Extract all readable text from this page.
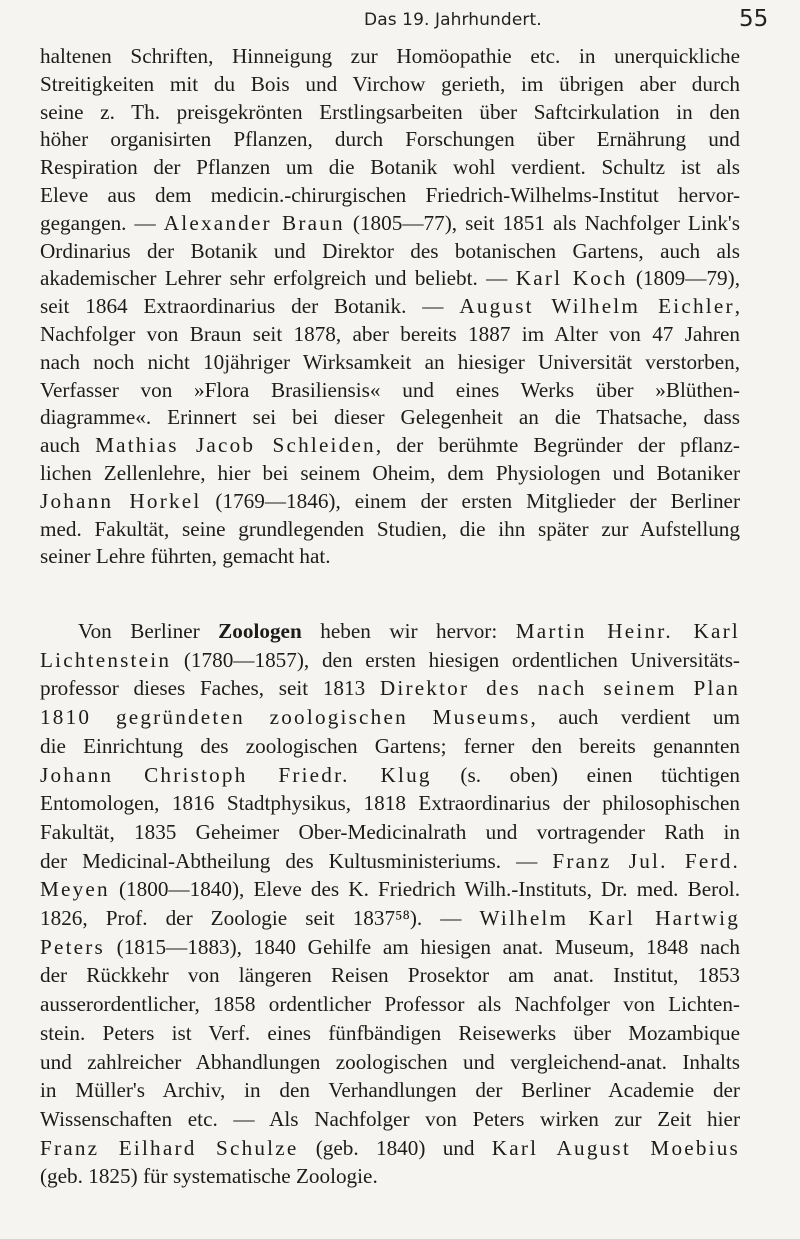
Das 19. Jahrhundert.	55
haltenen Schriften, Hinneigung zur Homöopathie etc. in unerquickliche
Streitigkeiten mit du Bois und Virchow gerieth, im übrigen aber durch
seine z. Th. preisgekrönten Erstlingsarbeiten über Saftcirkulation in den
höher organisirten Pflanzen, durch Forschungen über Ernährung und
Respiration der Pflanzen um die Botanik wohl verdient. Schultz ist als
Eleve aus dem medicin.-chirurgischen Friedrich-Wilhelms-Institut hervor-
gegangen. — Alexander Braun (1805—77), seit 1851 als Nachfolger Link's
Ordinarius der Botanik und Direktor des botanischen Gartens, auch als
akademischer Lehrer sehr erfolgreich und beliebt. — Karl Koch (1809—79),
seit 1864 Extraordinarius der Botanik. — August Wilhelm Eichler,
Nachfolger von Braun seit 1878, aber bereits 1887 im Alter von 47 Jahren
nach noch nicht 10jähriger Wirksamkeit an hiesiger Universität verstorben,
Verfasser von »Flora Brasiliensis« und eines Werks über »Blüthen-
diagramme«. Erinnert sei bei dieser Gelegenheit an die Thatsache, dass
auch Mathias Jacob Schleiden, der berühmte Begründer der pflanz-
lichen Zellenlehre, hier bei seinem Oheim, dem Physiologen und Botaniker
Johann Horkel (1769—1846), einem der ersten Mitglieder der Berliner
med. Fakultät, seine grundlegenden Studien, die ihn später zur Aufstellung
seiner Lehre führten, gemacht hat.
Von Berliner Zoologen heben wir hervor: Martin Heinr. Karl
Lichtenstein (1780—1857), den ersten hiesigen ordentlichen Universitäts-
professor dieses Faches, seit 1813 Direktor des nach seinem Plan
1810 gegründeten zoologischen Museums, auch verdient um
die Einrichtung des zoologischen Gartens; ferner den bereits genannten
Johann Christoph Friedr. Klug (s. oben) einen tüchtigen
Entomologen, 1816 Stadtphysikus, 1818 Extraordinarius der philosophischen
Fakultät, 1835 Geheimer Ober-Medicinalrath und vortragender Rath in
der Medicinal-Abtheilung des Kultusministeriums. — Franz Jul. Ferd.
Meyen (1800—1840), Eleve des K. Friedrich Wilh.-Instituts, Dr. med. Berol.
1826, Prof. der Zoologie seit 1837⁵⁸). — Wilhelm Karl Hartwig
Peters (1815—1883), 1840 Gehilfe am hiesigen anat. Museum, 1848 nach
der Rückkehr von längeren Reisen Prosektor am anat. Institut, 1853
ausserordentlicher, 1858 ordentlicher Professor als Nachfolger von Lichten-
stein. Peters ist Verf. eines fünfbändigen Reisewerks über Mozambique
und zahlreicher Abhandlungen zoologischen und vergleichend-anat. Inhalts
in Müller's Archiv, in den Verhandlungen der Berliner Academie der
Wissenschaften etc. — Als Nachfolger von Peters wirken zur Zeit hier
Franz Eilhard Schulze (geb. 1840) und Karl August Moebius
(geb. 1825) für systematische Zoologie.
